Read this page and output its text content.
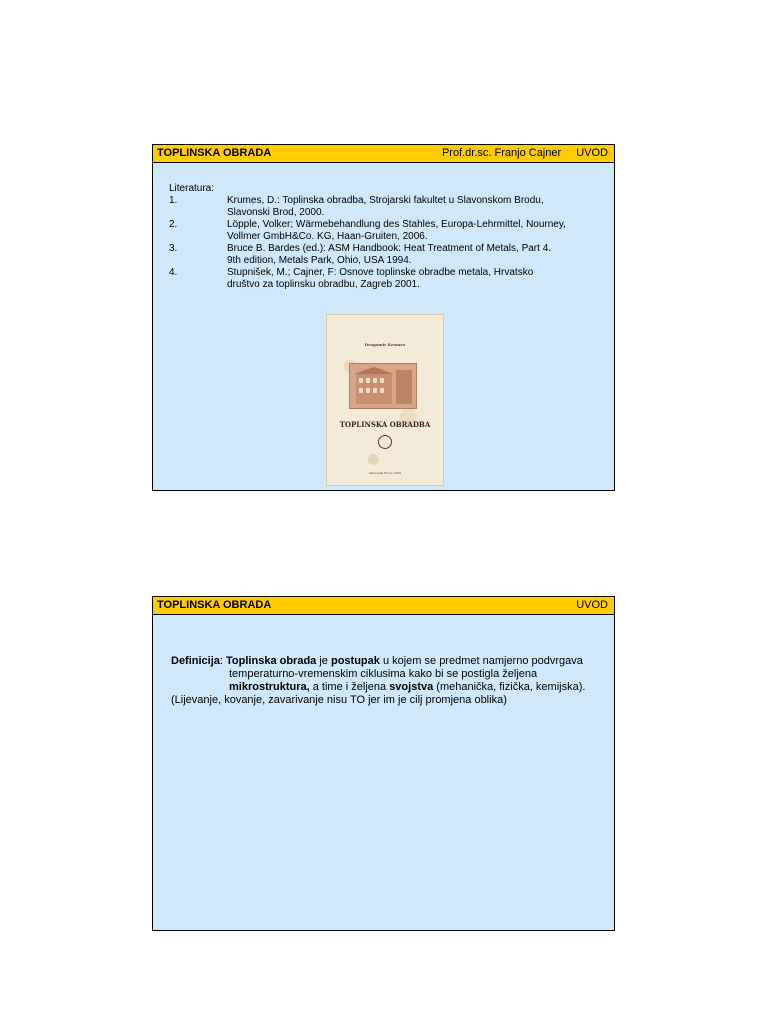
TOPLINSKA OBRADA	Prof.dr.sc. Franjo Cajner UVOD
Literatura:
1.	Krumes, D.: Toplinska obradba, Strojarski fakultet u Slavonskom Brodu, Slavonski Brod, 2000.
2.	Löpple, Volker; Wärmebehandlung des Stahles, Europa-Lehrmittel, Nourney, Vollmer GmbH&Co. KG, Haan-Gruiten, 2006.
3.	Bruce B. Bardes (ed.): ASM Handbook: Heat Treatment of Metals, Part 4. 9th edition, Metals Park, Ohio, USA 1994.
4.	Stupnišek, M.; Cajner, F: Osnove toplinske obradbe metala, Hrvatsko društvo za toplinsku obradbu, Zagreb 2001.
Dragomir Krumes
TOPLINSKA OBRADBA
Slavonski Brod, 2000
TOPLINSKA OBRADA	UVOD
Definicija: Toplinska obrada je postupak u kojem se predmet namjerno podvrgava temperaturno-vremenskim ciklusima kako bi se postigla željena mikrostruktura, a time i željena svojstva (mehanička, fizička, kemijska).
(Lijevanje, kovanje, zavarivanje nisu TO jer im je cilj promjena oblika)
